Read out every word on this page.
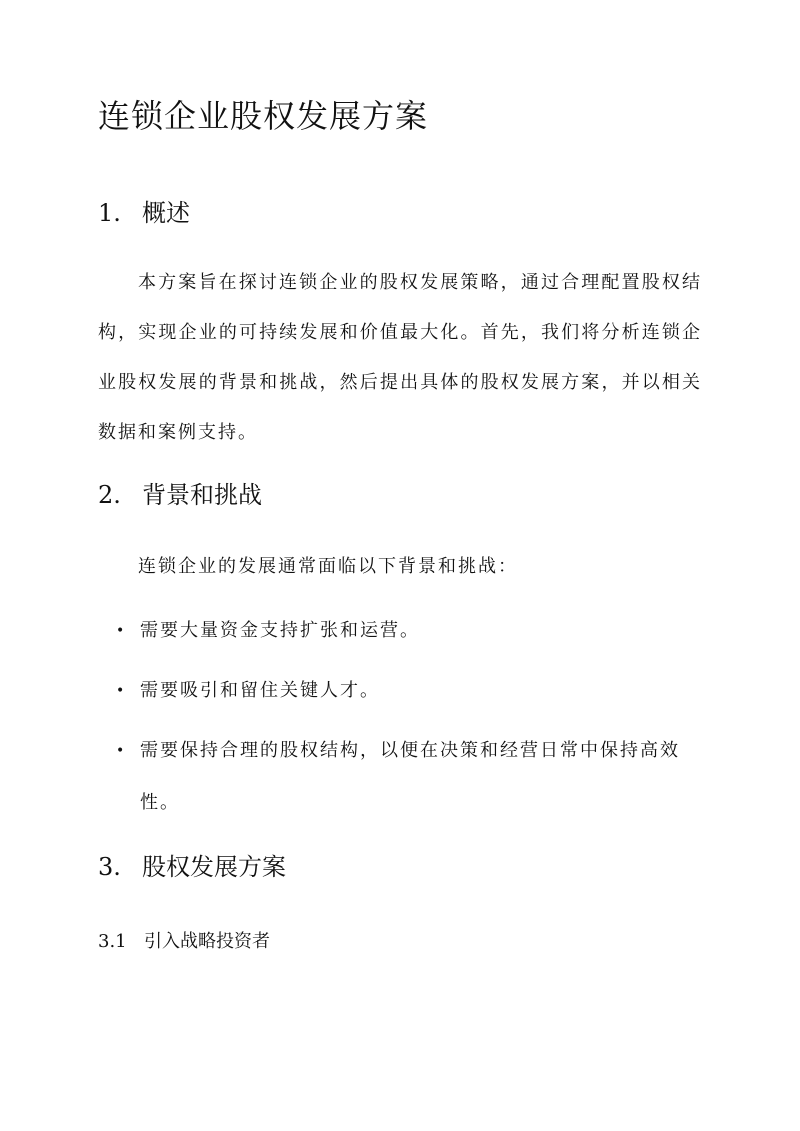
连锁企业股权发展方案
1. 概述

本方案旨在探讨连锁企业的股权发展策略，通过合理配置股权结构，实现企业的可持续发展和价值最大化。首先，我们将分析连锁企业股权发展的背景和挑战，然后提出具体的股权发展方案，并以相关数据和案例支持。

2. 背景和挑战

连锁企业的发展通常面临以下背景和挑战：

• 需要大量资金支持扩张和运营。
• 需要吸引和留住关键人才。
• 需要保持合理的股权结构，以便在决策和经营日常中保持高效性。
3. 股权发展方案
3.1 引入战略投资者
